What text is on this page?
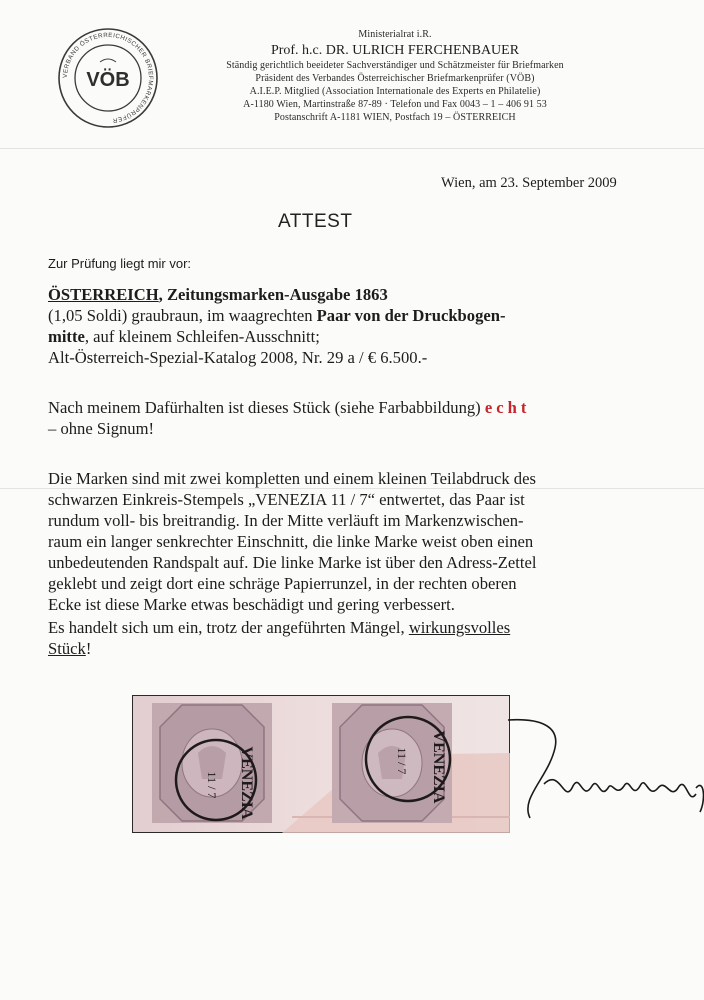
VERBAND ÖSTERREICHISCHER BRIEFMARKENPRÜFER
VÖB
Ministerialrat i.R.
Prof. h.c. DR. ULRICH FERCHENBAUER
Ständig gerichtlich beeideter Sachverständiger und Schätzmeister für Briefmarken
Präsident des Verbandes Österreichischer Briefmarkenprüfer (VÖB)
A.I.E.P. Mitglied (Association Internationale des Experts en Philatelie)
A-1180 Wien, Martinstraße 87-89 · Telefon und Fax 0043 – 1 – 406 91 53
Postanschrift A-1181 WIEN, Postfach 19 – ÖSTERREICH
Wien, am 23. September 2009
ATTEST
Zur Prüfung liegt mir vor:
ÖSTERREICH, Zeitungsmarken-Ausgabe 1863
(1,05 Soldi) graubraun, im waagrechten Paar von der Druckbogen-
mitte, auf kleinem Schleifen-Ausschnitt;
Alt-Österreich-Spezial-Katalog 2008, Nr. 29 a / € 6.500.-
Nach meinem Dafürhalten ist dieses Stück (siehe Farbabbildung) echt
– ohne Signum!
Die Marken sind mit zwei kompletten und einem kleinen Teilabdruck des
schwarzen Einkreis-Stempels „VENEZIA 11 / 7“ entwertet, das Paar ist
rundum voll- bis breitrandig. In der Mitte verläuft im Markenzwischen-
raum ein langer senkrechter Einschnitt, die linke Marke weist oben einen
unbedeutenden Randspalt auf. Die linke Marke ist über den Adress-Zettel
geklebt und zeigt dort eine schräge Papierrunzel, in der rechten oberen
Ecke ist diese Marke etwas beschädigt und gering verbessert.
Es handelt sich um ein, trotz der angeführten Mängel, wirkungsvolles
Stück!
VENEZIA
11 / 7	VENEZIA
11 / 7
